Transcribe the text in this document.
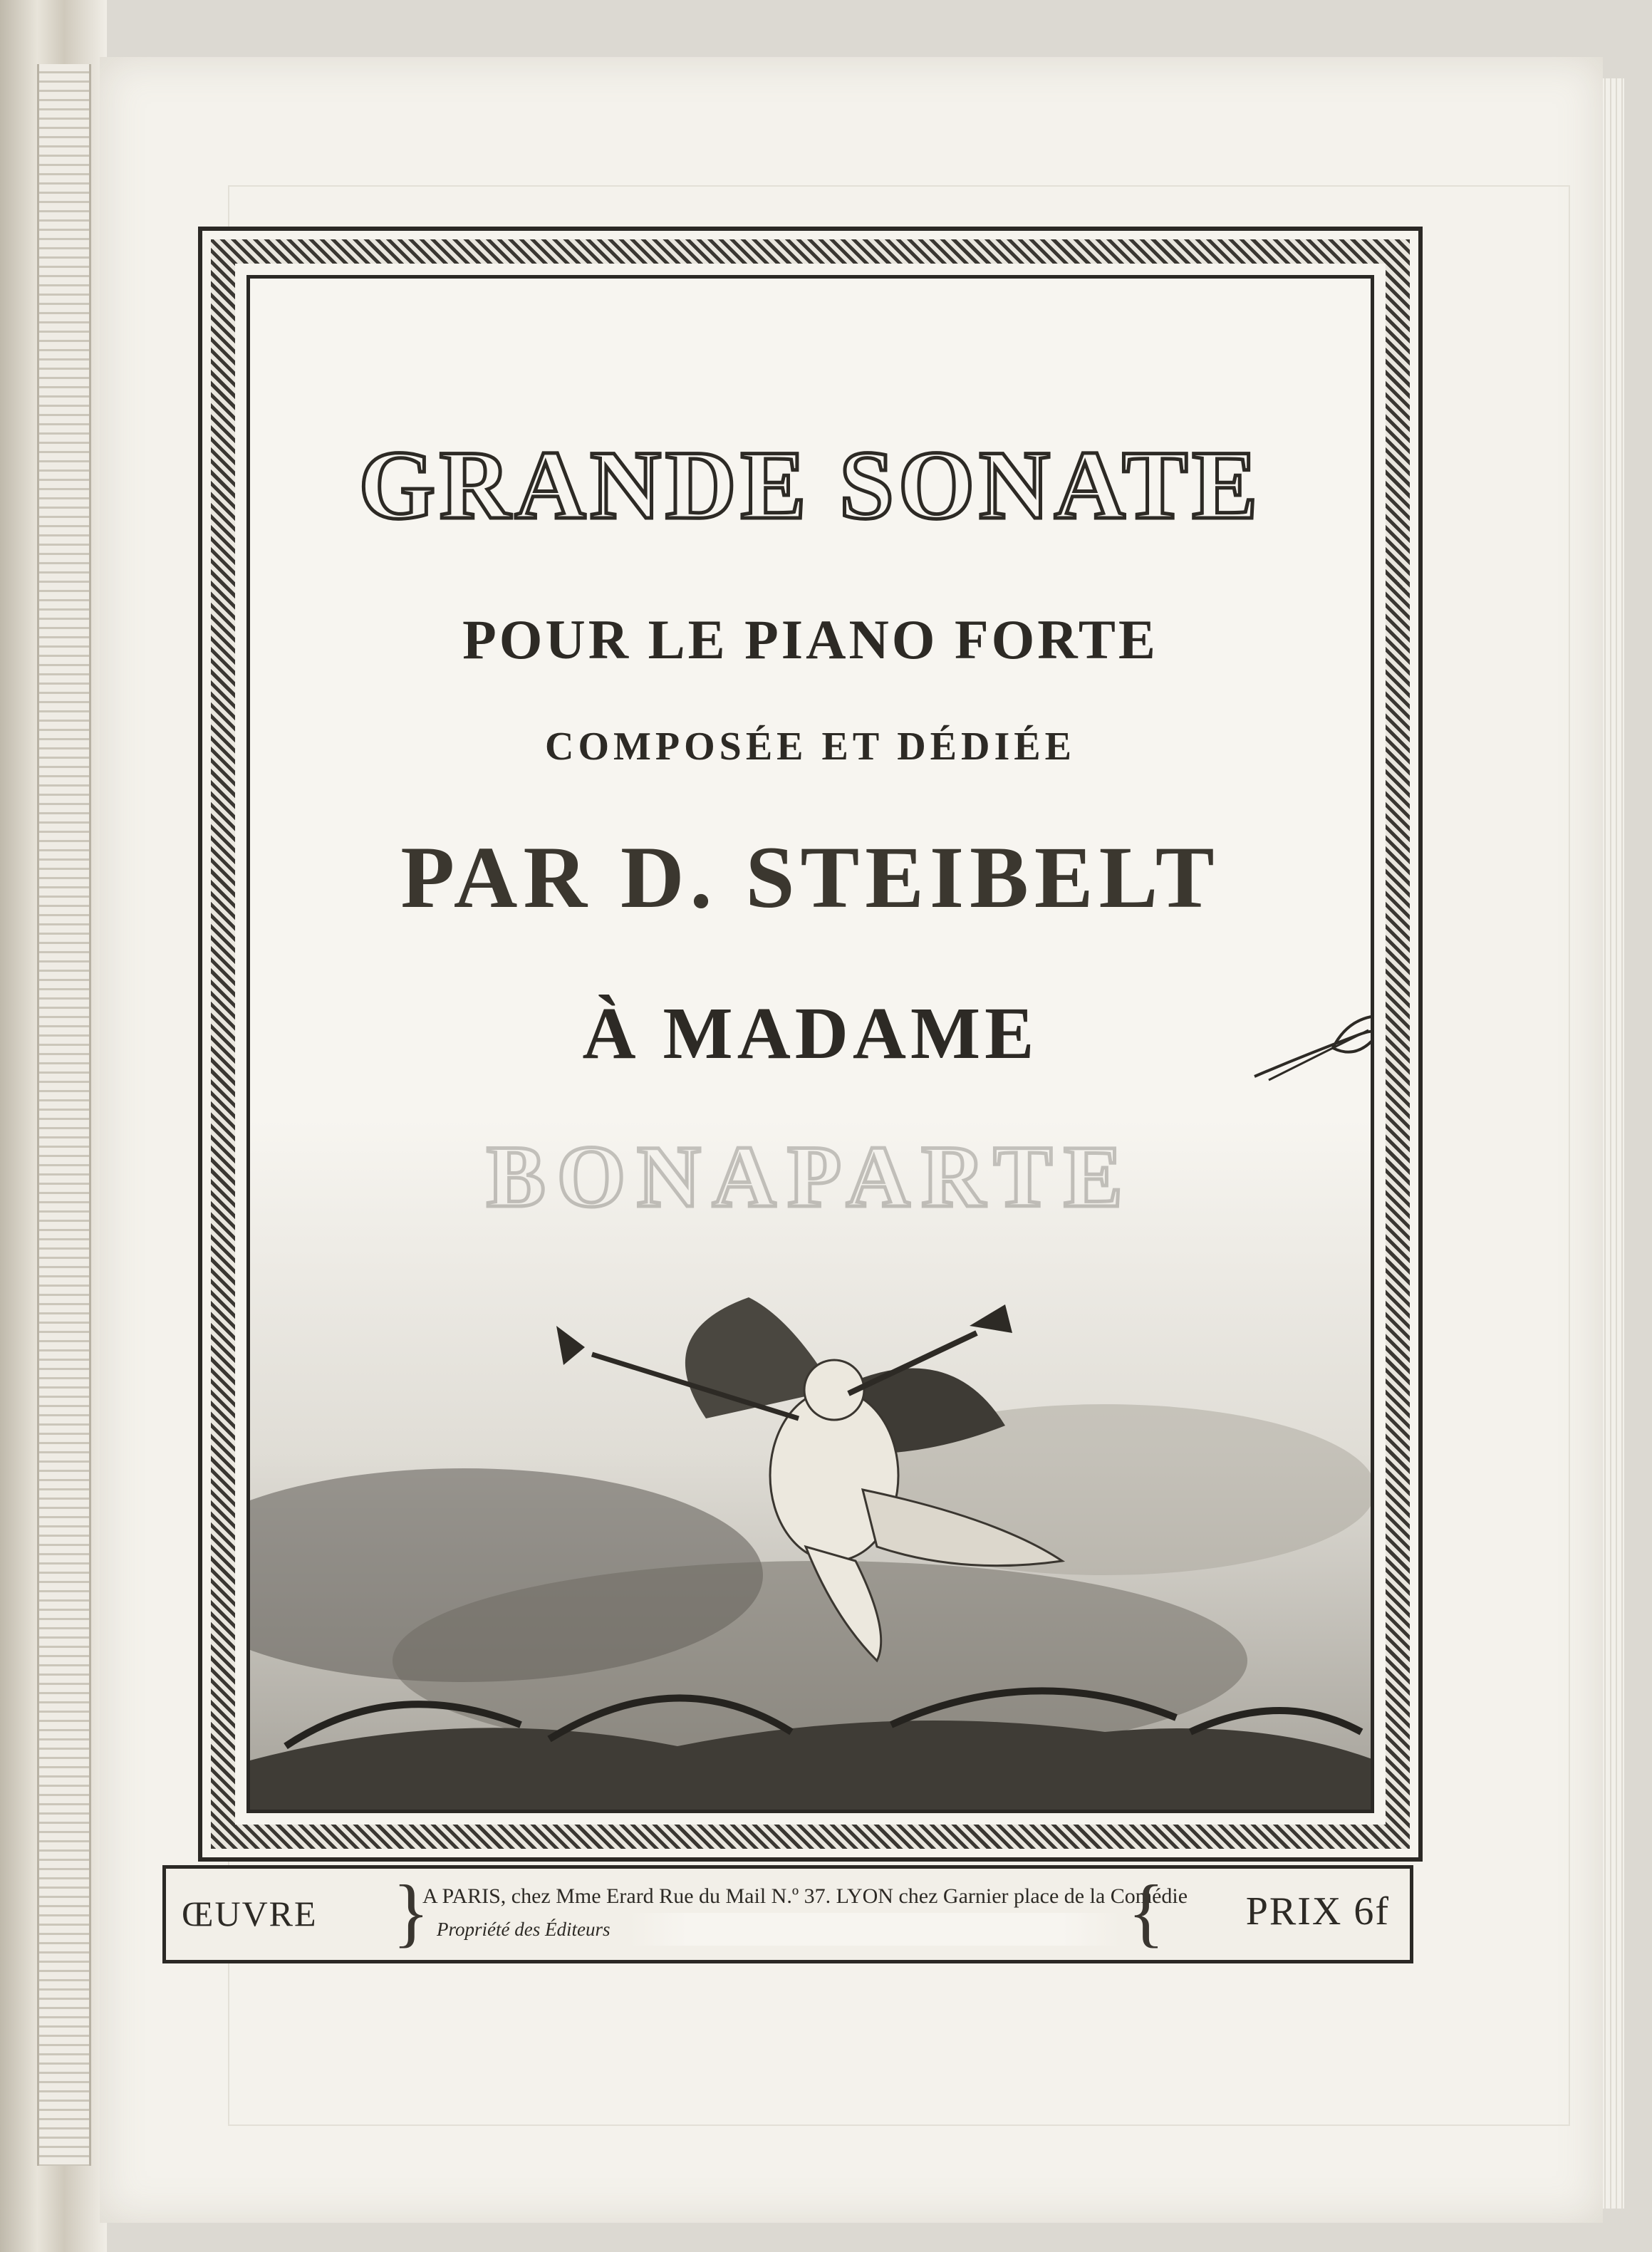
GRANDE SONATE
POUR LE PIANO FORTE
COMPOSÉE ET DÉDIÉE
PAR D. STEIBELT
À MADAME
ŒUVRE }
A PARIS, chez Mme Erard Rue du Mail N.º 37. LYON chez Garnier place de la Comédie
Propriété des Éditeurs	{ PRIX 6f
